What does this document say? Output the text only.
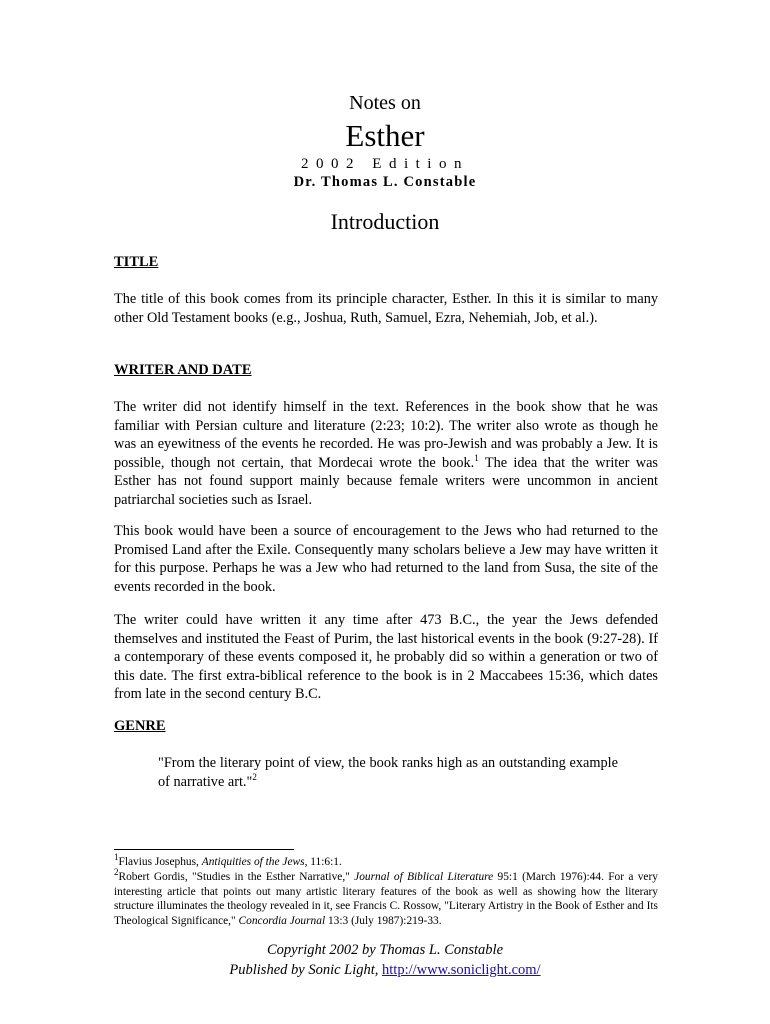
Notes on
Esther
2002 Edition
Dr. Thomas L. Constable
Introduction
TITLE
The title of this book comes from its principle character, Esther. In this it is similar to many other Old Testament books (e.g., Joshua, Ruth, Samuel, Ezra, Nehemiah, Job, et al.).
WRITER AND DATE
The writer did not identify himself in the text. References in the book show that he was familiar with Persian culture and literature (2:23; 10:2). The writer also wrote as though he was an eyewitness of the events he recorded. He was pro-Jewish and was probably a Jew. It is possible, though not certain, that Mordecai wrote the book.$^1$ The idea that the writer was Esther has not found support mainly because female writers were uncommon in ancient patriarchal societies such as Israel.
This book would have been a source of encouragement to the Jews who had returned to the Promised Land after the Exile. Consequently many scholars believe a Jew may have written it for this purpose. Perhaps he was a Jew who had returned to the land from Susa, the site of the events recorded in the book.
The writer could have written it any time after 473 B.C., the year the Jews defended themselves and instituted the Feast of Purim, the last historical events in the book (9:27-28). If a contemporary of these events composed it, he probably did so within a generation or two of this date. The first extra-biblical reference to the book is in 2 Maccabees 15:36, which dates from late in the second century B.C.
GENRE
"From the literary point of view, the book ranks high as an outstanding example of narrative art."$^2$
$^1$Flavius Josephus, Antiquities of the Jews, 11:6:1.
$^2$Robert Gordis, "Studies in the Esther Narrative," Journal of Biblical Literature 95:1 (March 1976):44. For a very interesting article that points out many artistic literary features of the book as well as showing how the literary structure illuminates the theology revealed in it, see Francis C. Rossow, "Literary Artistry in the Book of Esther and Its Theological Significance," Concordia Journal 13:3 (July 1987):219-33.
Copyright 2002 by Thomas L. Constable
Published by Sonic Light, http://www.soniclight.com/
